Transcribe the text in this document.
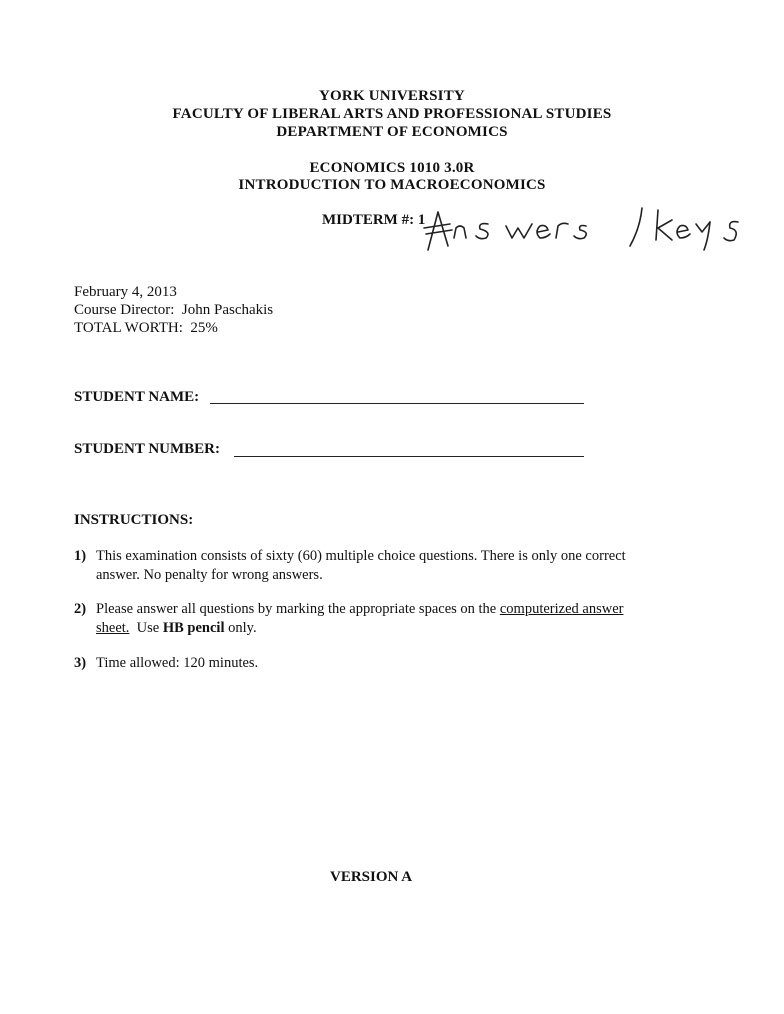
YORK UNIVERSITY
FACULTY OF LIBERAL ARTS AND PROFESSIONAL STUDIES
DEPARTMENT OF ECONOMICS
ECONOMICS 1010 3.0R
INTRODUCTION TO MACROECONOMICS
MIDTERM #: 1
February 4, 2013
Course Director: John Paschakis
TOTAL WORTH: 25%
STUDENT NAME:
STUDENT NUMBER:
INSTRUCTIONS:
1) This examination consists of sixty (60) multiple choice questions. There is only one correct
answer. No penalty for wrong answers.
2) Please answer all questions by marking the appropriate spaces on the computerized answer
sheet.  Use HB pencil only.
3) Time allowed: 120 minutes.
VERSION A
